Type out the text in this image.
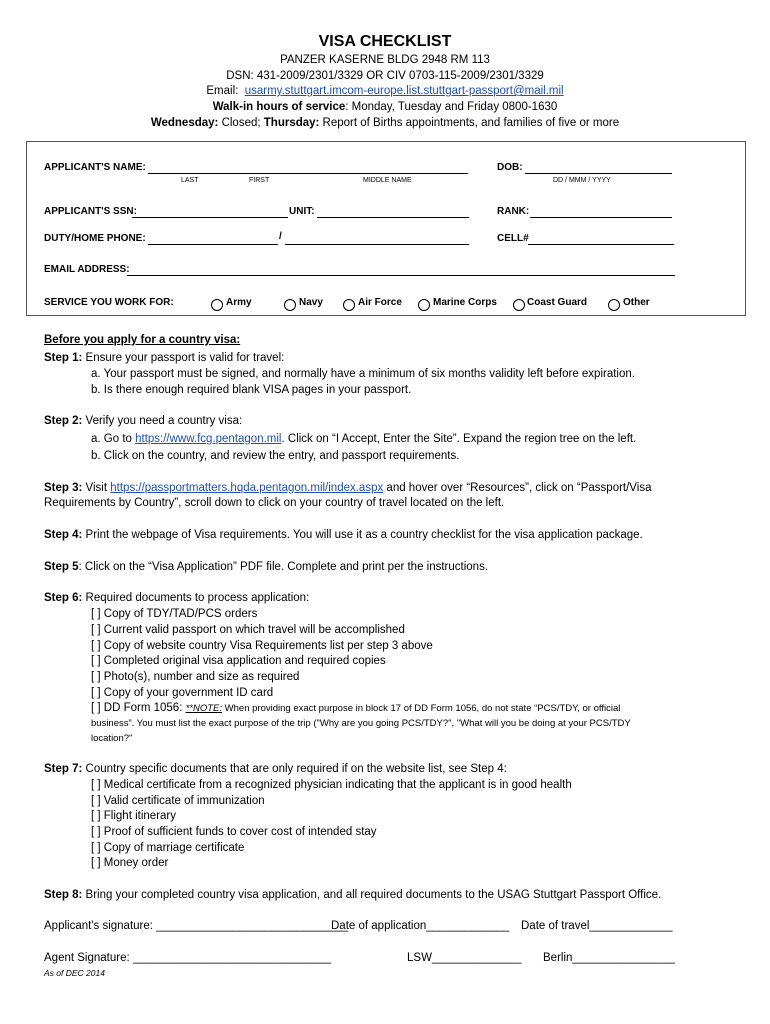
VISA CHECKLIST
PANZER KASERNE BLDG 2948 RM 113
DSN: 431-2009/2301/3329 OR CIV 0703-115-2009/2301/3329
Email: usarmy.stuttgart.imcom-europe.list.stuttgart-passport@mail.mil
Walk-in hours of service: Monday, Tuesday and Friday 0800-1630
Wednesday: Closed; Thursday: Report of Births appointments, and families of five or more
APPLICANT'S NAME:	DOB:
LAST	FIRST	MIDDLE NAME	DD / MMM / YYYY
APPLICANT'S SSN:	UNIT:	RANK:
DUTY/HOME PHONE:	/	CELL#
EMAIL ADDRESS:
SERVICE YOU WORK FOR:	Army	Navy	Air Force	Marine Corps	Coast Guard	Other
Before you apply for a country visa:
Step 1: Ensure your passport is valid for travel:
a. Your passport must be signed, and normally have a minimum of six months validity left before expiration.
b. Is there enough required blank VISA pages in your passport.
Step 2: Verify you need a country visa:
a. Go to https://www.fcg.pentagon.mil. Click on “I Accept, Enter the Site”. Expand the region tree on the left.
b. Click on the country, and review the entry, and passport requirements.
Step 3: Visit https://passportmatters.hqda.pentagon.mil/index.aspx and hover over “Resources”, click on “Passport/Visa
Requirements by Country”, scroll down to click on your country of travel located on the left.
Step 4: Print the webpage of Visa requirements. You will use it as a country checklist for the visa application package.
Step 5: Click on the “Visa Application” PDF file. Complete and print per the instructions.
Step 6: Required documents to process application:
[ ] Copy of TDY/TAD/PCS orders
[ ] Current valid passport on which travel will be accomplished
[ ] Copy of website country Visa Requirements list per step 3 above
[ ] Completed original visa application and required copies
[ ] Photo(s), number and size as required
[ ] Copy of your government ID card
[ ] DD Form 1056: **NOTE: When providing exact purpose in block 17 of DD Form 1056, do not state “PCS/TDY, or official
business”. You must list the exact purpose of the trip ("Why are you going PCS/TDY?", "What will you be doing at your PCS/TDY
location?"
Step 7: Country specific documents that are only required if on the website list, see Step 4:
[ ] Medical certificate from a recognized physician indicating that the applicant is in good health
[ ] Valid certificate of immunization
[ ] Flight itinerary
[ ] Proof of sufficient funds to cover cost of intended stay
[ ] Copy of marriage certificate
[ ] Money order
Step 8: Bring your completed country visa application, and all required documents to the USAG Stuttgart Passport Office.
Applicant's signature: ______________________________
Date of application_____________ Date of travel_____________
Agent Signature: _______________________________	LSW______________ Berlin________________
As of DEC 2014
